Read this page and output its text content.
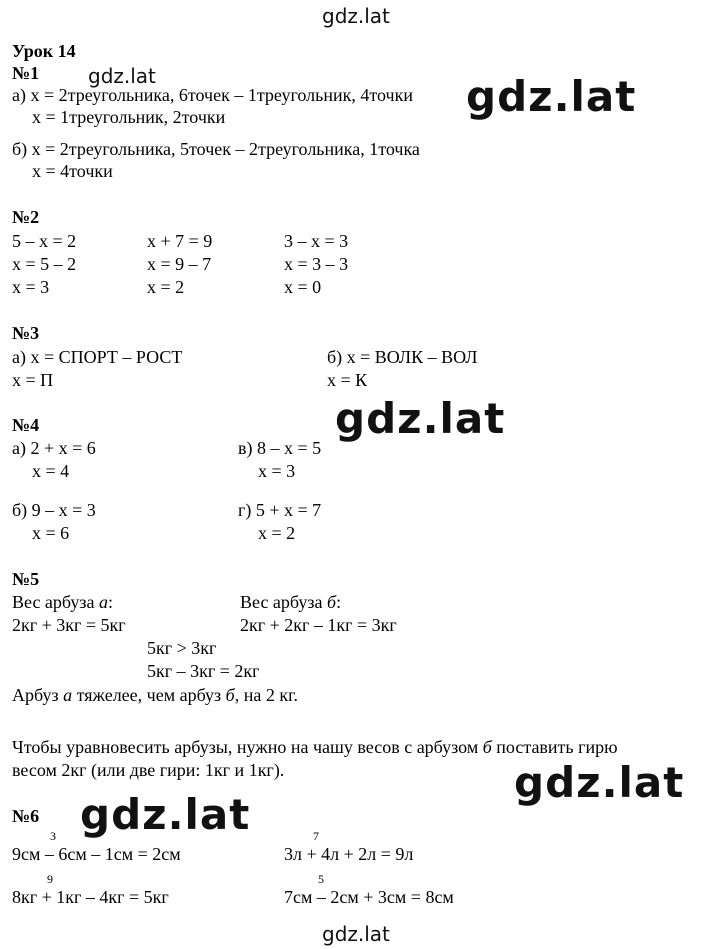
gdz.lat
gdz.lat	gdz.lat
gdz.lat
gdz.lat
gdz.lat
gdz.lat
Урок 14
№1
а) х = 2треугольника, 6точек – 1треугольник, 4точки
х = 1треугольник, 2точки
б) х = 2треугольника, 5точек – 2треугольника, 1точка
х = 4точки
№2
5 – х = 2
х = 5 – 2
х = 3
х + 7 = 9
х = 9 – 7
х = 2
3 – х = 3
х = 3 – 3
х = 0
№3
а) х = СПОРТ – РОСТ
х = П
б) х = ВОЛК – ВОЛ
х = К
№4
а) 2 + х = 6
х = 4
в) 8 – х = 5
х = 3
б) 9 – х = 3
х = 6
г) 5 + х = 7
х = 2
№5
Вес арбуза а:	Вес арбуза б:
2кг + 3кг = 5кг	2кг + 2кг – 1кг = 3кг
5кг > 3кг
5кг – 3кг = 2кг
Арбуз а тяжелее, чем арбуз б, на 2 кг.
Чтобы уравновесить арбузы, нужно на чашу весов с арбузом б поставить гирю
весом 2кг (или две гири: 1кг и 1кг).
№6
3
9см – 6см – 1см = 2см
7
3л + 4л + 2л = 9л
9
8кг + 1кг – 4кг = 5кг
5
7см – 2см + 3см = 8см
